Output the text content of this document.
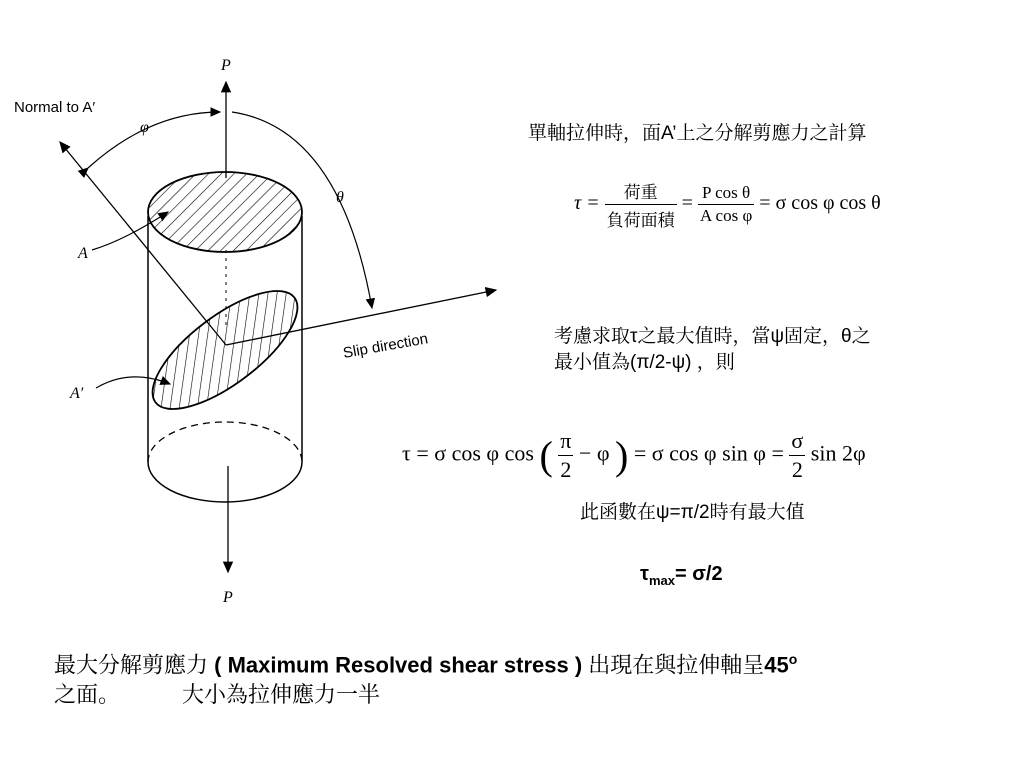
P
P
Normal to A′
φ
θ
A
A′
Slip direction
單軸拉伸時，面A’上之分解剪應力之計算
$\tau = \frac{\text{荷重}}{\text{負荷面積}} = \frac{\text{P cos θ}}{\text{A cos φ}} = \sigma$ cos φ cos θ
考慮求取τ之最大值時，當ψ固定，θ之
最小值為(π/2-ψ) ，則
τ = σ cos φ cos ( $\frac{\pi}{2} - \varphi$ ) = σ cos φ $\sin \varphi = \frac{\sigma}{2}$ sin 2φ
此函數在ψ=π/2時有最大值
$\tau_{max}= \sigma/2$
最大分解剪應力 ( Maximum Resolved shear stress ) 出現在與拉伸軸呈45$^o$
之面。	大小為拉伸應力一半
